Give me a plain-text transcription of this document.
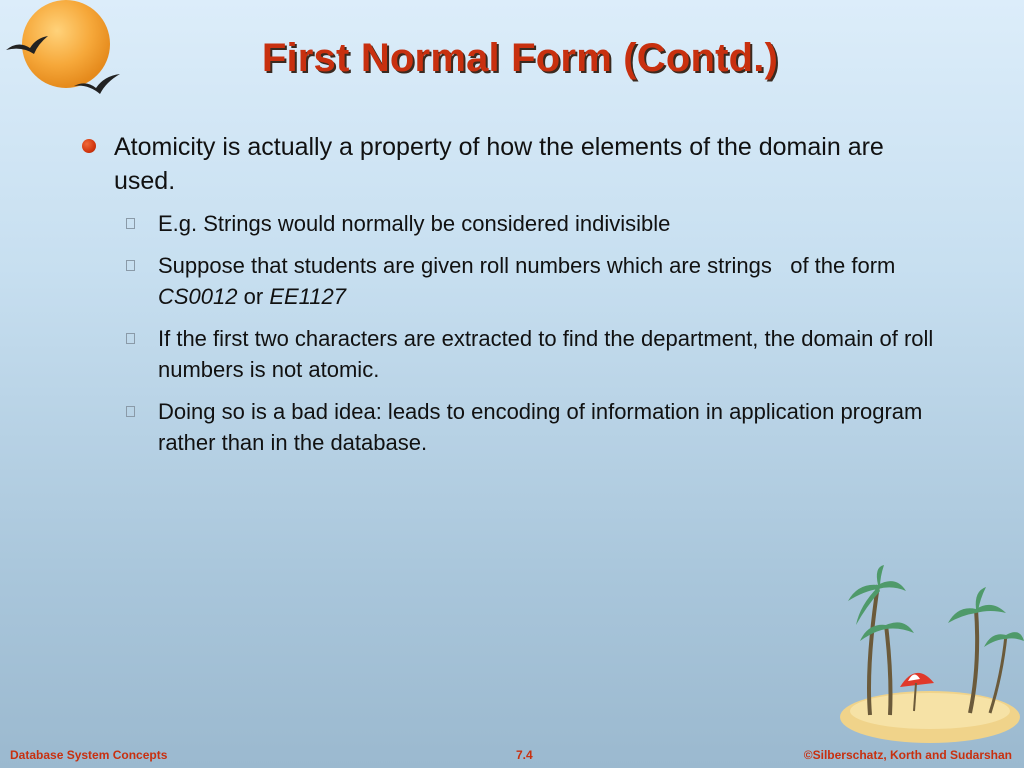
First Normal Form (Contd.)
Atomicity is actually a property of how the elements of the domain are used.
E.g. Strings would normally be considered indivisible
Suppose that students are given roll numbers which are strings   of the form CS0012 or EE1127
If the first two characters are extracted to find the department, the domain of roll numbers is not atomic.
Doing so is a bad idea: leads to encoding of information in application program rather than in the database.
Database System Concepts	7.4	©Silberschatz, Korth and Sudarshan
